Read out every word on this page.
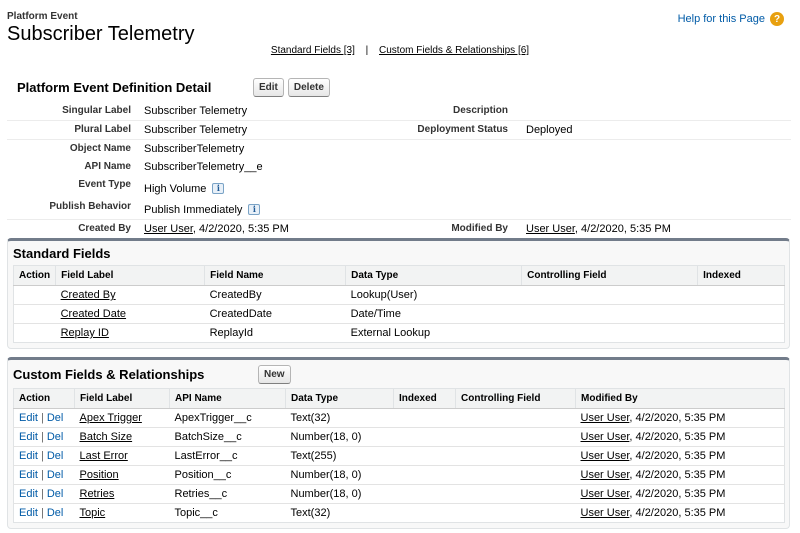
Platform Event
Subscriber Telemetry
Help for this Page ?
Standard Fields [3] | Custom Fields & Relationships [6]
Platform Event Definition Detail	Edit	Delete
Singular Label	Subscriber Telemetry	Description	
Plural Label	Subscriber Telemetry	Deployment Status	Deployed
Object Name	SubscriberTelemetry		
API Name	SubscriberTelemetry__e		
Event Type	High Volume i		
Publish Behavior	Publish Immediately i		
Created By	User User, 4/2/2020, 5:35 PM	Modified By	User User, 4/2/2020, 5:35 PM
Standard Fields
Action	Field Label	Field Name	Data Type	Controlling Field	Indexed
	Created By	CreatedBy	Lookup(User)		
	Created Date	CreatedDate	Date/Time		
	Replay ID	ReplayId	External Lookup		
Custom Fields & Relationships	New
Action	Field Label	API Name	Data Type	Indexed	Controlling Field	Modified By
Edit | Del	Apex Trigger	ApexTrigger__c	Text(32)			User User, 4/2/2020, 5:35 PM
Edit | Del	Batch Size	BatchSize__c	Number(18, 0)			User User, 4/2/2020, 5:35 PM
Edit | Del	Last Error	LastError__c	Text(255)			User User, 4/2/2020, 5:35 PM
Edit | Del	Position	Position__c	Number(18, 0)			User User, 4/2/2020, 5:35 PM
Edit | Del	Retries	Retries__c	Number(18, 0)			User User, 4/2/2020, 5:35 PM
Edit | Del	Topic	Topic__c	Text(32)			User User, 4/2/2020, 5:35 PM
